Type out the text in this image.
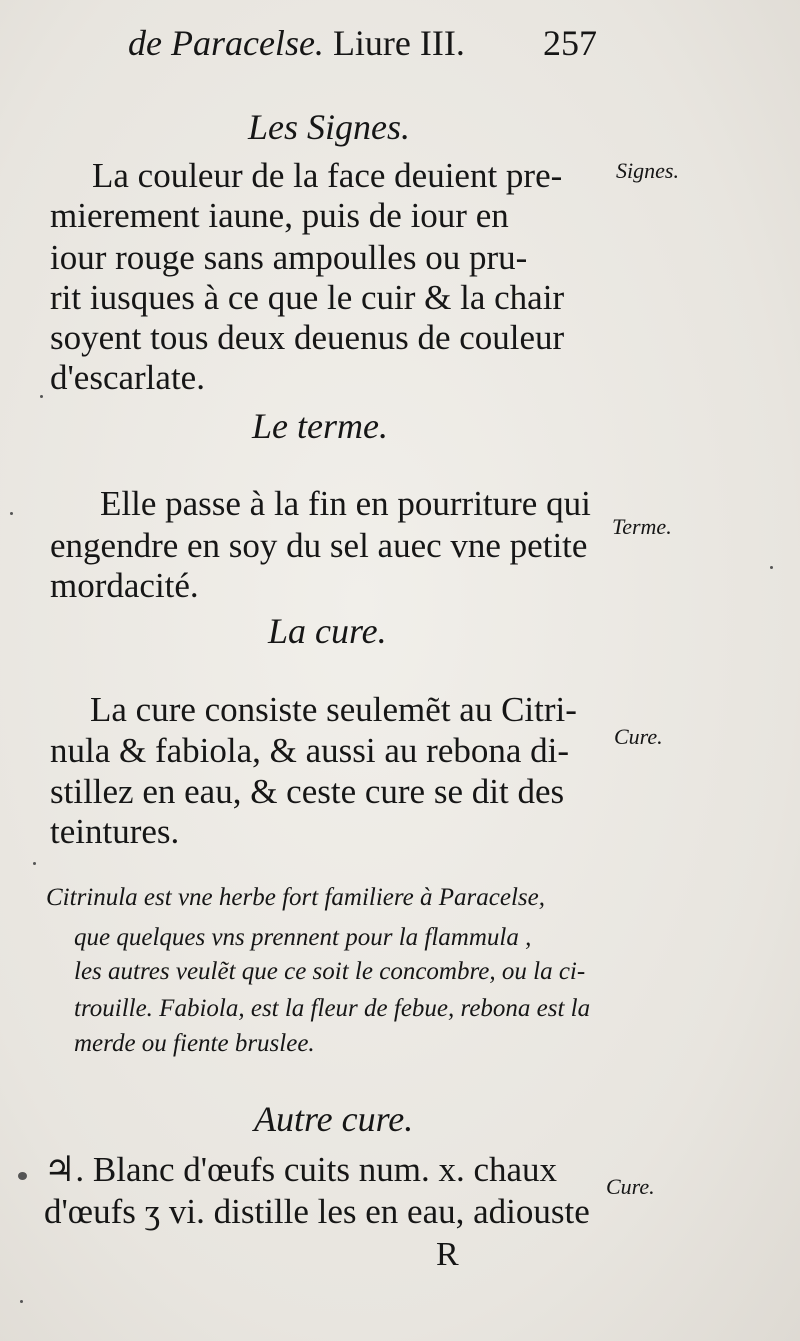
de Paracelse. Liure III. 257
Les Signes.
Signes.
La couleur de la face deuient pre-
mierement iaune, puis de iour en
iour rouge sans ampoulles ou pru-
rit iusques à ce que le cuir & la chair
soyent tous deux deuenus de couleur
d'escarlate.
Le terme.
Terme.
Elle passe à la fin en pourriture qui
engendre en soy du sel auec vne petite
mordacité.
La cure.
Cure.
La cure consiste seulemẽt au Citri-
nula & fabiola, & aussi au rebona di-
stillez en eau, & ceste cure se dit des
teintures.
Citrinula est vne herbe fort familiere à Paracelse,
que quelques vns prennent pour la flammula ,
les autres veulẽt que ce soit le concombre, ou la ci-
trouille. Fabiola, est la fleur de febue, rebona est la
merde ou fiente bruslee.
Autre cure.
Cure.
♃. Blanc d'œufs cuits num. x. chaux
d'œufs ʒ vi. distille les en eau, adiouste
R
